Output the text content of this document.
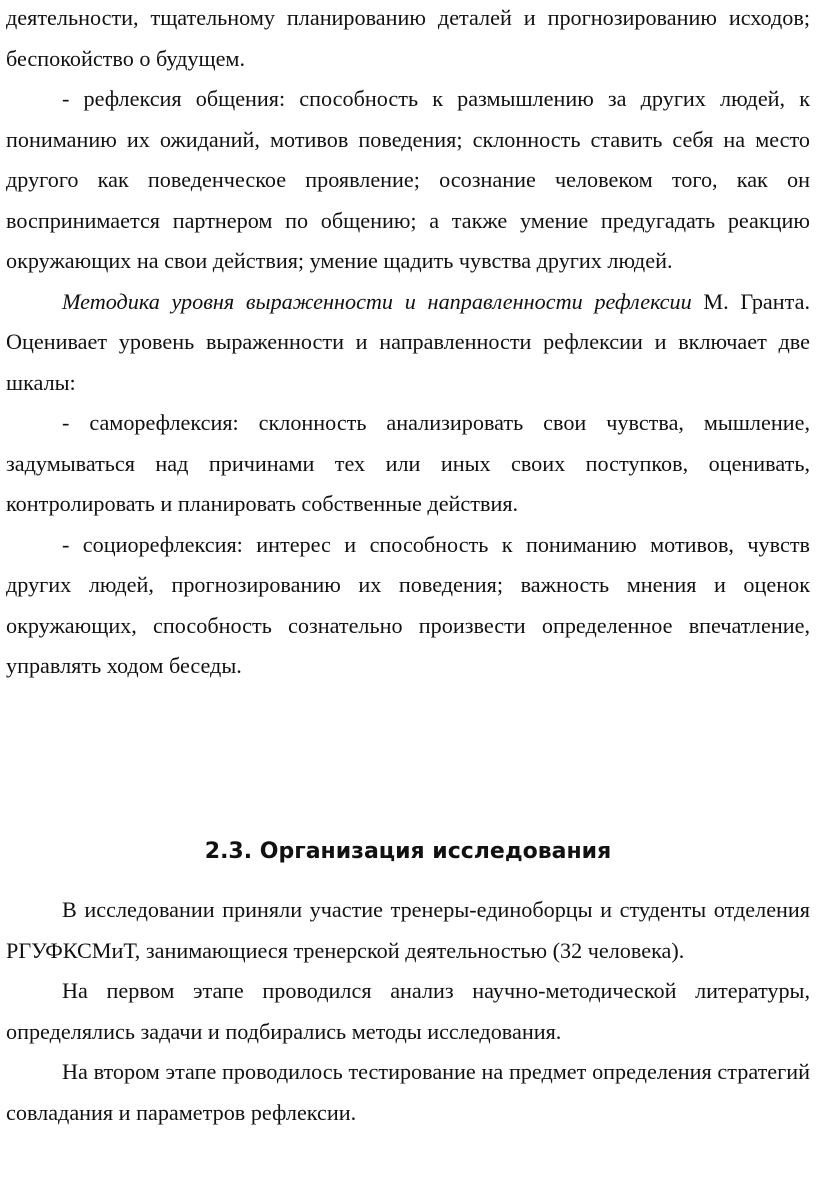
деятельности, тщательному планированию деталей и прогнозированию исходов; беспокойство о будущем.

- рефлексия общения: способность к размышлению за других людей, к пониманию их ожиданий, мотивов поведения; склонность ставить себя на место другого как поведенческое проявление; осознание человеком того, как он воспринимается партнером по общению; а также умение предугадать реакцию окружающих на свои действия; умение щадить чувства других людей.

Методика уровня выраженности и направленности рефлексии М. Гранта. Оценивает уровень выраженности и направленности рефлексии и включает две шкалы:

- саморефлексия: склонность анализировать свои чувства, мышление, задумываться над причинами тех или иных своих поступков, оценивать, контролировать и планировать собственные действия.

- социорефлексия: интерес и способность к пониманию мотивов, чувств других людей, прогнозированию их поведения; важность мнения и оценок окружающих, способность сознательно произвести определенное впечатление, управлять ходом беседы.

2.3. Организация исследования

В исследовании приняли участие тренеры-единоборцы и студенты отделения РГУФКСМиТ, занимающиеся тренерской деятельностью (32 человека).

На первом этапе проводился анализ научно-методической литературы, определялись задачи и подбирались методы исследования.

На втором этапе проводилось тестирование на предмет определения стратегий совладания и параметров рефлексии.
